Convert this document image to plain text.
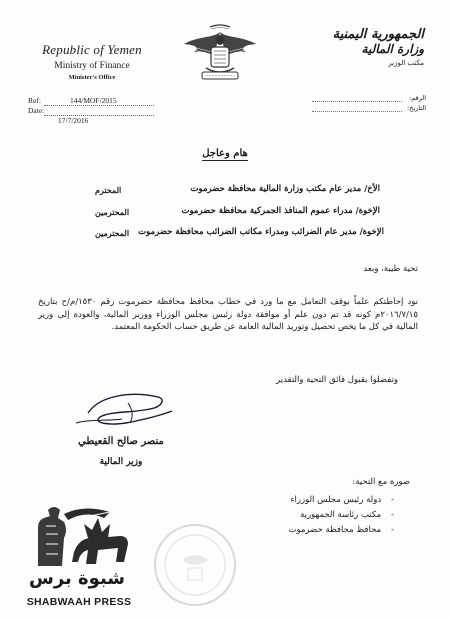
Republic of Yemen
Ministry of Finance
Minister's Office
Ref:	144/MOF/2015
Date:
17/7/2016
الجمهورية اليمنية
وزارة المالية
مكتب الوزير
الرقم:
التاريخ:
هام وعاجل
الأخ/ مدير عام مكتب وزارة المالية محافظة حضرموت
المحترم
الإخوة/ مدراء عموم المنافذ الجمركية محافظة حضرموت
المحترمين
الإخوة/ مدير عام الضرائب ومدراء مكاتب الضرائب محافظة حضرموت
المحترمين
تحية طيبة، وبعد
نود إحاطتكم علماً بوقف التعامل مع ما ورد في خطاب محافظ محافظة حضرموت رقم ١٥٣٠/م/ح بتاريخ ٢٠١٦/٧/١٥م كونه قد تم دون علم أو موافقة دولة رئيس مجلس الوزراء ووزير المالية، والعودة إلى وزير المالية في كل ما يخص تحصيل وتوريد المالية العامة عن طريق حساب الحكومة المعتمد.
وتفضلوا بقبول فائق التحية والتقدير
منصر صالح القعيطي
وزير المالية
صورة مع التحية:
- دولة رئيس مجلس الوزراء
- مكتب رئاسة الجمهورية
- محافظ محافظة حضرموت
شبوة برس
SHABWAAH PRESS
